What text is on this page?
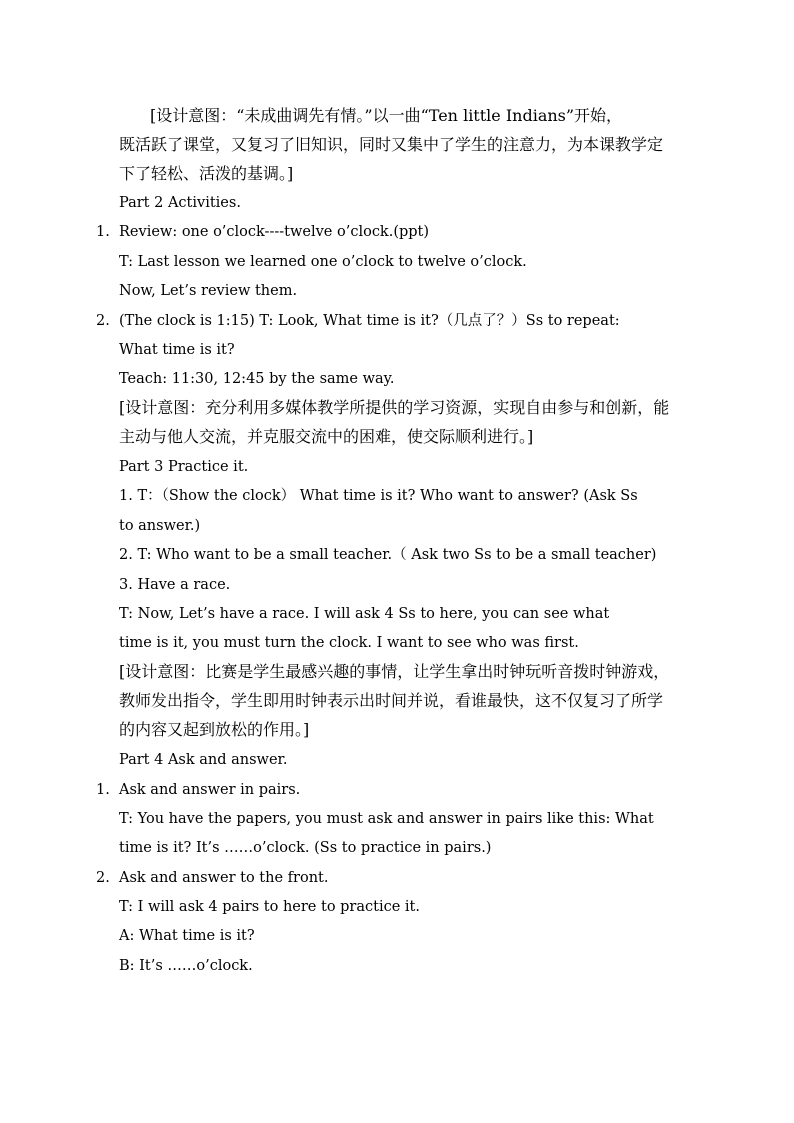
[设计意图：“未成曲调先有情。”以一曲“Ten little Indians”开始，
既活跃了课堂，又复习了旧知识，同时又集中了学生的注意力，为本课教学定
下了轻松、活泼的基调。]
Part 2 Activities.
1. Review: one o’clock----twelve o’clock.(ppt)
T: Last lesson we learned one o’clock to twelve o’clock.
Now, Let’s review them.
2. (The clock is 1:15) T: Look, What time is it?（几点了？）Ss to repeat:
What time is it?
Teach: 11:30, 12:45 by the same way.
[设计意图：充分利用多媒体教学所提供的学习资源，实现自由参与和创新，能
主动与他人交流，并克服交流中的困难，使交际顺利进行。]
Part 3 Practice it.
1. T：（Show the clock） What time is it? Who want to answer? (Ask Ss
to answer.)
2. T: Who want to be a small teacher.（ Ask two Ss to be a small teacher)
3. Have a race.
T: Now, Let’s have a race. I will ask 4 Ss to here, you can see what
time is it, you must turn the clock. I want to see who was first.
[设计意图：比赛是学生最感兴趣的事情，让学生拿出时钟玩听音拨时钟游戏，
教师发出指令，学生即用时钟表示出时间并说，看谁最快，这不仅复习了所学
的内容又起到放松的作用。]
Part 4 Ask and answer.
1. Ask and answer in pairs.
T: You have the papers, you must ask and answer in pairs like this: What
time is it? It’s ……o’clock. (Ss to practice in pairs.)
2. Ask and answer to the front.
T: I will ask 4 pairs to here to practice it.
A: What time is it?
B: It’s ……o’clock.
